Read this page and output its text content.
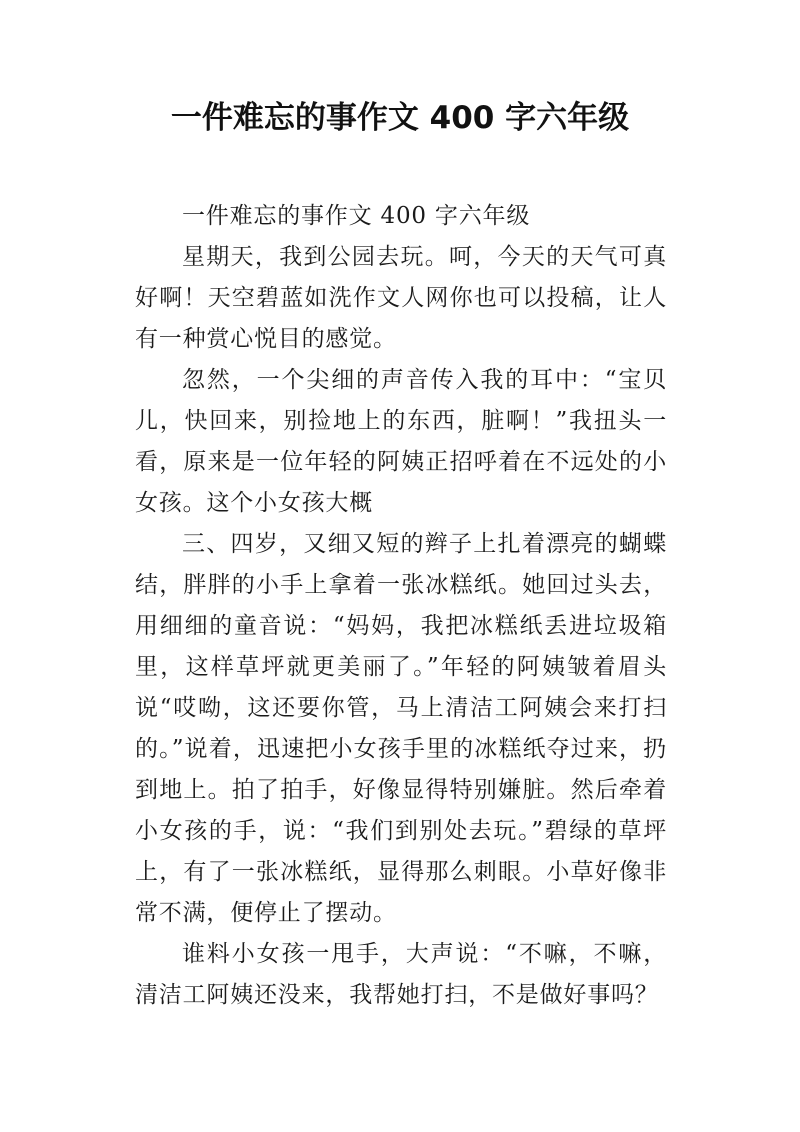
一件难忘的事作文 400 字六年级

一件难忘的事作文 400 字六年级

星期天，我到公园去玩。呵，今天的天气可真好啊！天空碧蓝如洗作文人网你也可以投稿，让人有一种赏心悦目的感觉。

忽然，一个尖细的声音传入我的耳中：“宝贝儿，快回来，别捡地上的东西，脏啊！”我扭头一看，原来是一位年轻的阿姨正招呼着在不远处的小女孩。这个小女孩大概

三、四岁，又细又短的辫子上扎着漂亮的蝴蝶结，胖胖的小手上拿着一张冰糕纸。她回过头去，用细细的童音说：“妈妈，我把冰糕纸丢进垃圾箱里，这样草坪就更美丽了。”年轻的阿姨皱着眉头说“哎呦，这还要你管，马上清洁工阿姨会来打扫的。”说着，迅速把小女孩手里的冰糕纸夺过来，扔到地上。拍了拍手，好像显得特别嫌脏。然后牵着小女孩的手，说：“我们到别处去玩。”碧绿的草坪上，有了一张冰糕纸，显得那么刺眼。小草好像非常不满，便停止了摆动。

谁料小女孩一甩手，大声说：“不嘛，不嘛，清洁工阿姨还没来，我帮她打扫，不是做好事吗？
